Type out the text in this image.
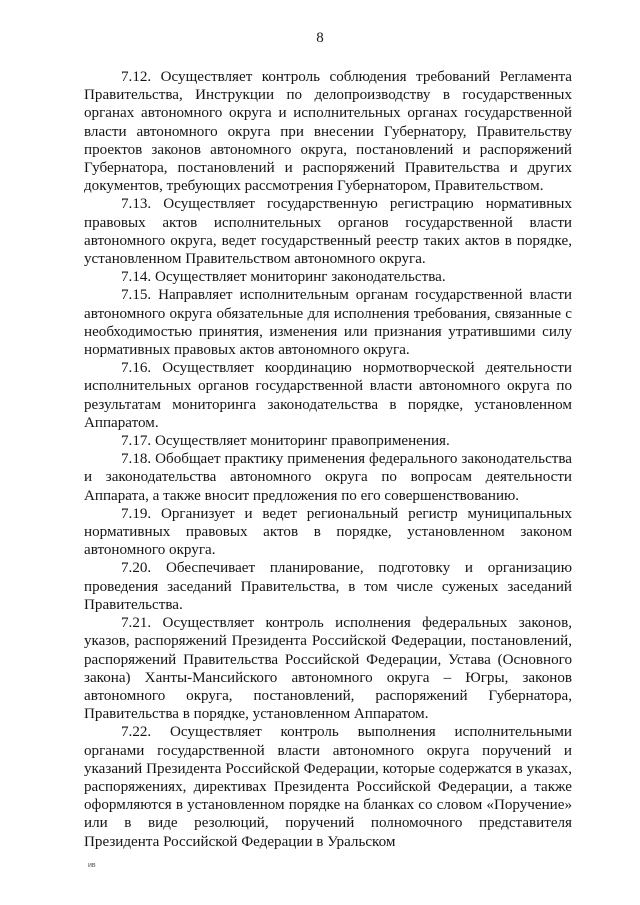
8

7.12. Осуществляет контроль соблюдения требований Регламента Правительства, Инструкции по делопроизводству в государственных органах автономного округа и исполнительных органах государственной власти автономного округа при внесении Губернатору, Правительству проектов законов автономного округа, постановлений и распоряжений Губернатора, постановлений и распоряжений Правительства и других документов, требующих рассмотрения Губернатором, Правительством.

7.13. Осуществляет государственную регистрацию нормативных правовых актов исполнительных органов государственной власти автономного округа, ведет государственный реестр таких актов в порядке, установленном Правительством автономного округа.

7.14. Осуществляет мониторинг законодательства.

7.15. Направляет исполнительным органам государственной власти автономного округа обязательные для исполнения требования, связанные с необходимостью принятия, изменения или признания утратившими силу нормативных правовых актов автономного округа.

7.16. Осуществляет координацию нормотворческой деятельности исполнительных органов государственной власти автономного округа по результатам мониторинга законодательства в порядке, установленном Аппаратом.

7.17. Осуществляет мониторинг правоприменения.

7.18. Обобщает практику применения федерального законодательства и законодательства автономного округа по вопросам деятельности Аппарата, а также вносит предложения по его совершенствованию.

7.19. Организует и ведет региональный регистр муниципальных нормативных правовых актов в порядке, установленном законом автономного округа.

7.20. Обеспечивает планирование, подготовку и организацию проведения заседаний Правительства, в том числе суженых заседаний Правительства.

7.21. Осуществляет контроль исполнения федеральных законов, указов, распоряжений Президента Российской Федерации, постановлений, распоряжений Правительства Российской Федерации, Устава (Основного закона) Ханты-Мансийского автономного округа – Югры, законов автономного округа, постановлений, распоряжений Губернатора, Правительства в порядке, установленном Аппаратом.

7.22. Осуществляет контроль выполнения исполнительными органами государственной власти автономного округа поручений и указаний Президента Российской Федерации, которые содержатся в указах, распоряжениях, директивах Президента Российской Федерации, а также оформляются в установленном порядке на бланках со словом «Поручение» или в виде резолюций, поручений полномочного представителя Президента Российской Федерации в Уральском

ив
